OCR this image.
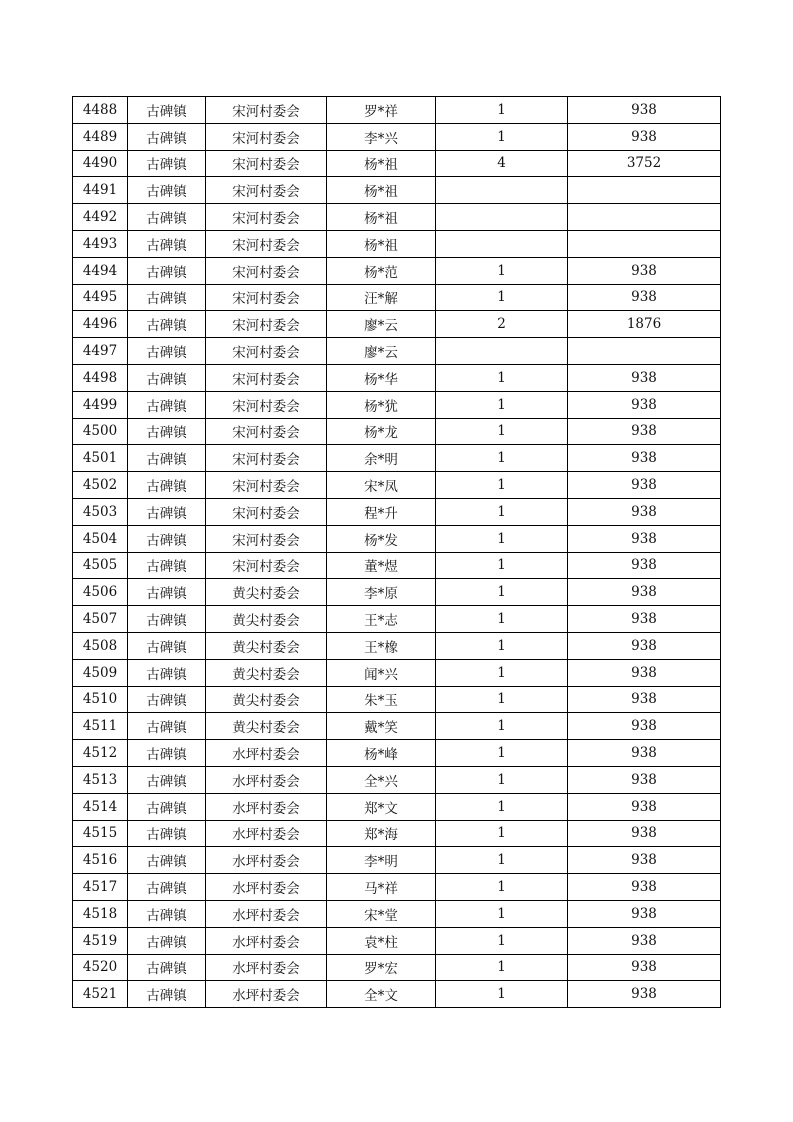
4488	古碑镇	宋河村委会	罗*祥	1	938
4489	古碑镇	宋河村委会	李*兴	1	938
4490	古碑镇	宋河村委会	杨*祖	4	3752
4491	古碑镇	宋河村委会	杨*祖		
4492	古碑镇	宋河村委会	杨*祖		
4493	古碑镇	宋河村委会	杨*祖		
4494	古碑镇	宋河村委会	杨*范	1	938
4495	古碑镇	宋河村委会	汪*解	1	938
4496	古碑镇	宋河村委会	廖*云	2	1876
4497	古碑镇	宋河村委会	廖*云		
4498	古碑镇	宋河村委会	杨*华	1	938
4499	古碑镇	宋河村委会	杨*犹	1	938
4500	古碑镇	宋河村委会	杨*龙	1	938
4501	古碑镇	宋河村委会	余*明	1	938
4502	古碑镇	宋河村委会	宋*凤	1	938
4503	古碑镇	宋河村委会	程*升	1	938
4504	古碑镇	宋河村委会	杨*发	1	938
4505	古碑镇	宋河村委会	董*煜	1	938
4506	古碑镇	黄尖村委会	李*原	1	938
4507	古碑镇	黄尖村委会	王*志	1	938
4508	古碑镇	黄尖村委会	王*橡	1	938
4509	古碑镇	黄尖村委会	闻*兴	1	938
4510	古碑镇	黄尖村委会	朱*玉	1	938
4511	古碑镇	黄尖村委会	戴*笑	1	938
4512	古碑镇	水坪村委会	杨*峰	1	938
4513	古碑镇	水坪村委会	全*兴	1	938
4514	古碑镇	水坪村委会	郑*文	1	938
4515	古碑镇	水坪村委会	郑*海	1	938
4516	古碑镇	水坪村委会	李*明	1	938
4517	古碑镇	水坪村委会	马*祥	1	938
4518	古碑镇	水坪村委会	宋*堂	1	938
4519	古碑镇	水坪村委会	袁*柱	1	938
4520	古碑镇	水坪村委会	罗*宏	1	938
4521	古碑镇	水坪村委会	全*文	1	938
